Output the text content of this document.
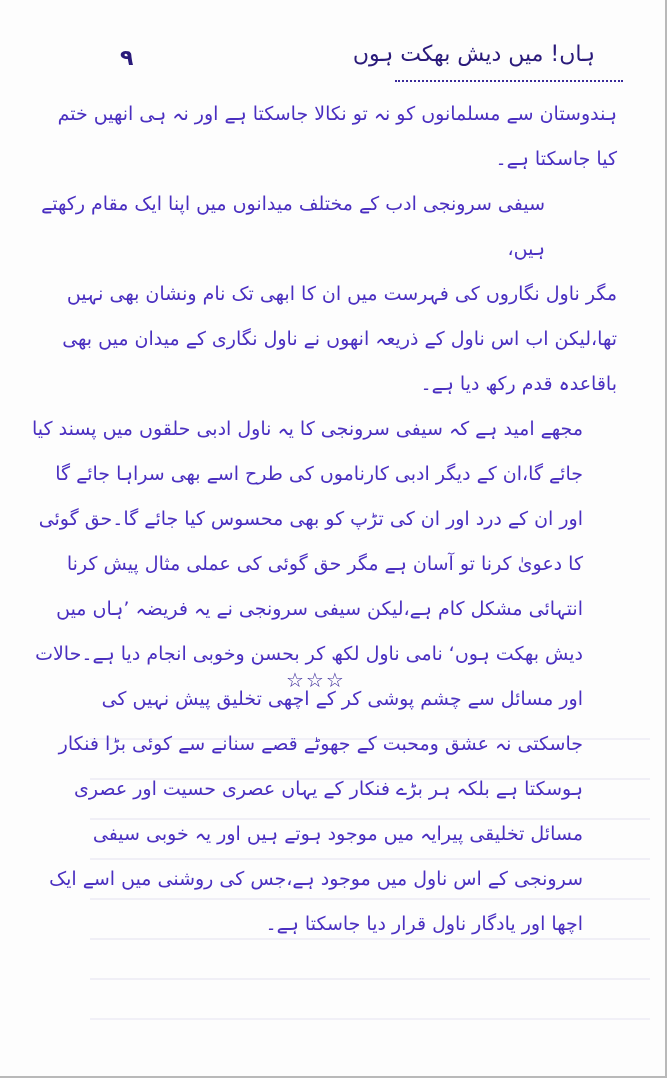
۹	ہاں! میں دیش بھکت ہوں

ہندوستان سے مسلمانوں کو نہ تو نکالا جاسکتا ہے اور نہ ہی انھیں ختم کیا جاسکتا ہے۔

سیفی سرونجی ادب کے مختلف میدانوں میں اپنا ایک مقام رکھتے ہیں،

مگر ناول نگاروں کی فہرست میں ان کا ابھی تک نام ونشان بھی نہیں تھا،لیکن اب اس ناول کے ذریعہ انھوں نے ناول نگاری کے میدان میں بھی باقاعدہ قدم رکھ دیا ہے۔

مجھے امید ہے کہ سیفی سرونجی کا یہ ناول ادبی حلقوں میں پسند کیا جائے گا،ان کے دیگر ادبی کارناموں کی طرح اسے بھی سراہا جائے گا اور ان کے درد اور ان کی تڑپ کو بھی محسوس کیا جائے گا۔حق گوئی کا دعویٰ کرنا تو آسان ہے مگر حق گوئی کی عملی مثال پیش کرنا انتہائی مشکل کام ہے،لیکن سیفی سرونجی نے یہ فریضہ ’ہاں میں دیش بھکت ہوں‘ نامی ناول لکھ کر بحسن وخوبی انجام دیا ہے۔حالات اور مسائل سے چشم پوشی کر کے اچھی تخلیق پیش نہیں کی جاسکتی نہ عشق ومحبت کے جھوٹے قصے سنانے سے کوئی بڑا فنکار ہوسکتا ہے بلکہ ہر بڑے فنکار کے یہاں عصری حسیت اور عصری مسائل تخلیقی پیرایہ میں موجود ہوتے ہیں اور یہ خوبی سیفی سرونجی کے اس ناول میں موجود ہے،جس کی روشنی میں اسے ایک اچھا اور یادگار ناول قرار دیا جاسکتا ہے۔

☆☆☆
